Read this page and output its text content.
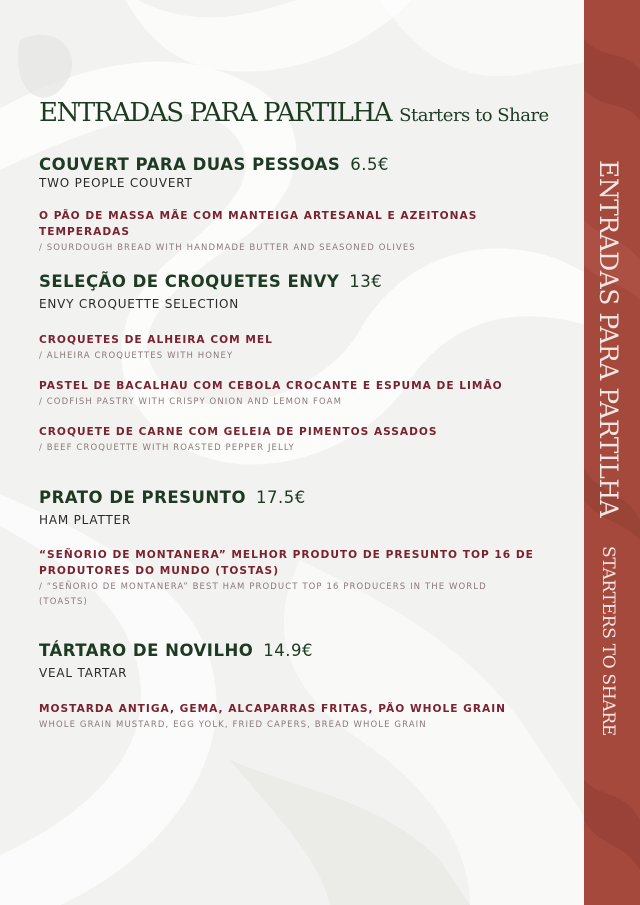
ENTRADAS PARA PARTILHA
STARTERS TO SHARE
ENTRADAS PARA PARTILHA Starters to Share
COUVERT PARA DUAS PESSOAS 6.5€
TWO PEOPLE COUVERT
O PÃO DE MASSA MÃE COM MANTEIGA ARTESANAL E AZEITONAS TEMPERADAS
/ SOURDOUGH BREAD WITH HANDMADE BUTTER AND SEASONED OLIVES
SELEÇÃO DE CROQUETES ENVY 13€
ENVY CROQUETTE SELECTION
CROQUETES DE ALHEIRA COM MEL
/ ALHEIRA CROQUETTES WITH HONEY
PASTEL DE BACALHAU COM CEBOLA CROCANTE E ESPUMA DE LIMÃO
/ CODFISH PASTRY WITH CRISPY ONION AND LEMON FOAM
CROQUETE DE CARNE COM GELEIA DE PIMENTOS ASSADOS
/ BEEF CROQUETTE WITH ROASTED PEPPER JELLY
PRATO DE PRESUNTO 17.5€
HAM PLATTER
“SEÑORIO DE MONTANERA” MELHOR PRODUTO DE PRESUNTO TOP 16 DE PRODUTORES DO MUNDO (TOSTAS)
/ “SEÑORIO DE MONTANERA” BEST HAM PRODUCT TOP 16 PRODUCERS IN THE WORLD (TOASTS)
TÁRTARO DE NOVILHO 14.9€
VEAL TARTAR
MOSTARDA ANTIGA, GEMA, ALCAPARRAS FRITAS, PÃO WHOLE GRAIN
WHOLE GRAIN MUSTARD, EGG YOLK, FRIED CAPERS, BREAD WHOLE GRAIN
